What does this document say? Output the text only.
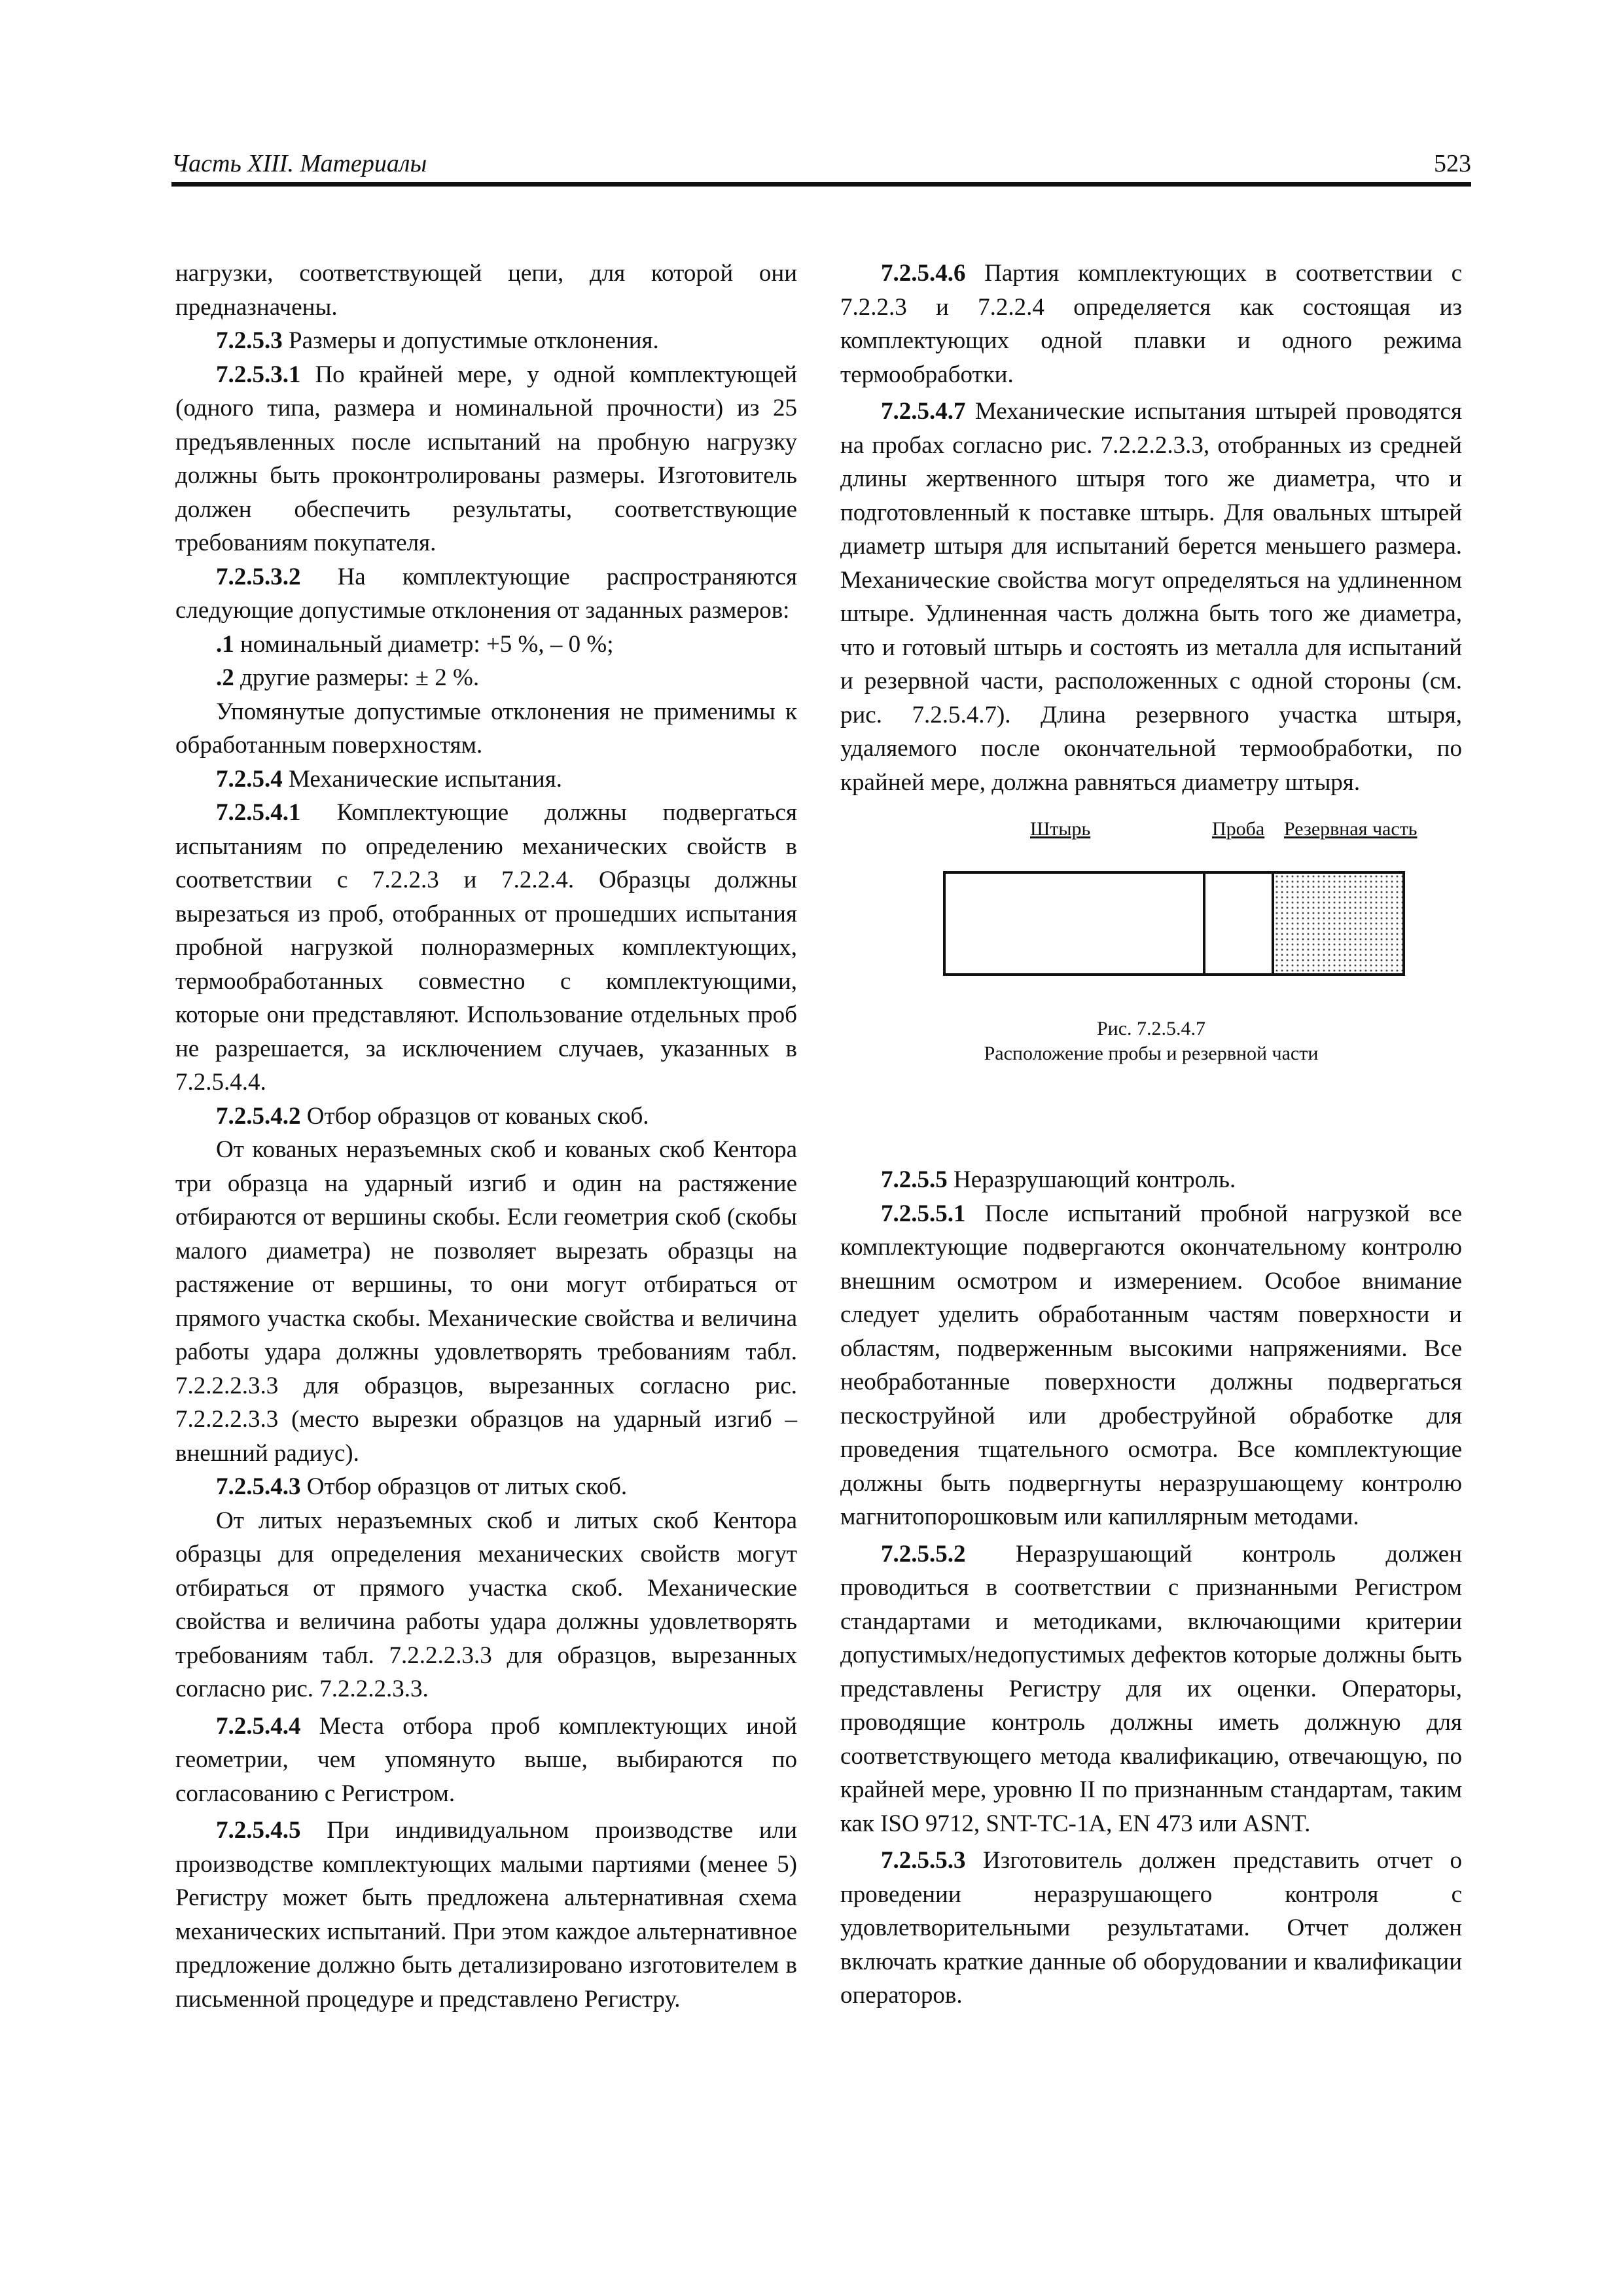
Часть XIII. Материалы	523

нагрузки, соответствующей цепи, для которой они предназначены.

7.2.5.3 Размеры и допустимые отклонения.

7.2.5.3.1 По крайней мере, у одной комплектующей (одного типа, размера и номинальной прочности) из 25 предъявленных после испытаний на пробную нагрузку должны быть проконтролированы размеры. Изготовитель должен обеспечить результаты, соответствующие требованиям покупателя.

7.2.5.3.2 На комплектующие распространяются следующие допустимые отклонения от заданных размеров:

.1 номинальный диаметр: +5 %, – 0 %;

.2 другие размеры: ± 2 %.

Упомянутые допустимые отклонения не применимы к обработанным поверхностям.

7.2.5.4 Механические испытания.

7.2.5.4.1 Комплектующие должны подвергаться испытаниям по определению механических свойств в соответствии с 7.2.2.3 и 7.2.2.4. Образцы должны вырезаться из проб, отобранных от прошедших испытания пробной нагрузкой полноразмерных комплектующих, термообработанных совместно с комплектующими, которые они представляют. Использование отдельных проб не разрешается, за исключением случаев, указанных в 7.2.5.4.4.

7.2.5.4.2 Отбор образцов от кованых скоб.

От кованых неразъемных скоб и кованых скоб Кентора три образца на ударный изгиб и один на растяжение отбираются от вершины скобы. Если геометрия скоб (скобы малого диаметра) не позволяет вырезать образцы на растяжение от вершины, то они могут отбираться от прямого участка скобы. Механические свойства и величина работы удара должны удовлетворять требованиям табл. 7.2.2.2.3.3 для образцов, вырезанных согласно рис. 7.2.2.2.3.3 (место вырезки образцов на ударный изгиб – внешний радиус).

7.2.5.4.3 Отбор образцов от литых скоб.

От литых неразъемных скоб и литых скоб Кентора образцы для определения механических свойств могут отбираться от прямого участка скоб. Механические свойства и величина работы удара должны удовлетворять требованиям табл. 7.2.2.2.3.3 для образцов, вырезанных согласно рис. 7.2.2.2.3.3.

7.2.5.4.4 Места отбора проб комплектующих иной геометрии, чем упомянуто выше, выбираются по согласованию с Регистром.

7.2.5.4.5 При индивидуальном производстве или производстве комплектующих малыми партиями (менее 5) Регистру может быть предложена альтернативная схема механических испытаний. При этом каждое альтернативное предложение должно быть детализировано изготовителем в письменной процедуре и представлено Регистру.

7.2.5.4.6 Партия комплектующих в соответствии с 7.2.2.3 и 7.2.2.4 определяется как состоящая из комплектующих одной плавки и одного режима термообработки.

7.2.5.4.7 Механические испытания штырей проводятся на пробах согласно рис. 7.2.2.2.3.3, отобранных из средней длины жертвенного штыря того же диаметра, что и подготовленный к поставке штырь. Для овальных штырей диаметр штыря для испытаний берется меньшего размера. Механические свойства могут определяться на удлиненном штыре. Удлиненная часть должна быть того же диаметра, что и готовый штырь и состоять из металла для испытаний и резервной части, расположенных с одной стороны (см. рис. 7.2.5.4.7). Длина резервного участка штыря, удаляемого после окончательной термообработки, по крайней мере, должна равняться диаметру штыря.

Штырь	Проба Резервная часть
Рис. 7.2.5.4.7
Расположение пробы и резервной части

7.2.5.5 Неразрушающий контроль.

7.2.5.5.1 После испытаний пробной нагрузкой все комплектующие подвергаются окончательному контролю внешним осмотром и измерением. Особое внимание следует уделить обработанным частям поверхности и областям, подверженным высокими напряжениями. Все необработанные поверхности должны подвергаться пескоструйной или дробеструйной обработке для проведения тщательного осмотра. Все комплектующие должны быть подвергнуты неразрушающему контролю магнитопорошковым или капиллярным методами.

7.2.5.5.2 Неразрушающий контроль должен проводиться в соответствии с признанными Регистром стандартами и методиками, включающими критерии допустимых/недопустимых дефектов которые должны быть представлены Регистру для их оценки. Операторы, проводящие контроль должны иметь должную для соответствующего метода квалификацию, отвечающую, по крайней мере, уровню II по признанным стандартам, таким как ISO 9712, SNT-TC-1A, EN 473 или ASNT.

7.2.5.5.3 Изготовитель должен представить отчет о проведении неразрушающего контроля с удовлетворительными результатами. Отчет должен включать краткие данные об оборудовании и квалификации операторов.
